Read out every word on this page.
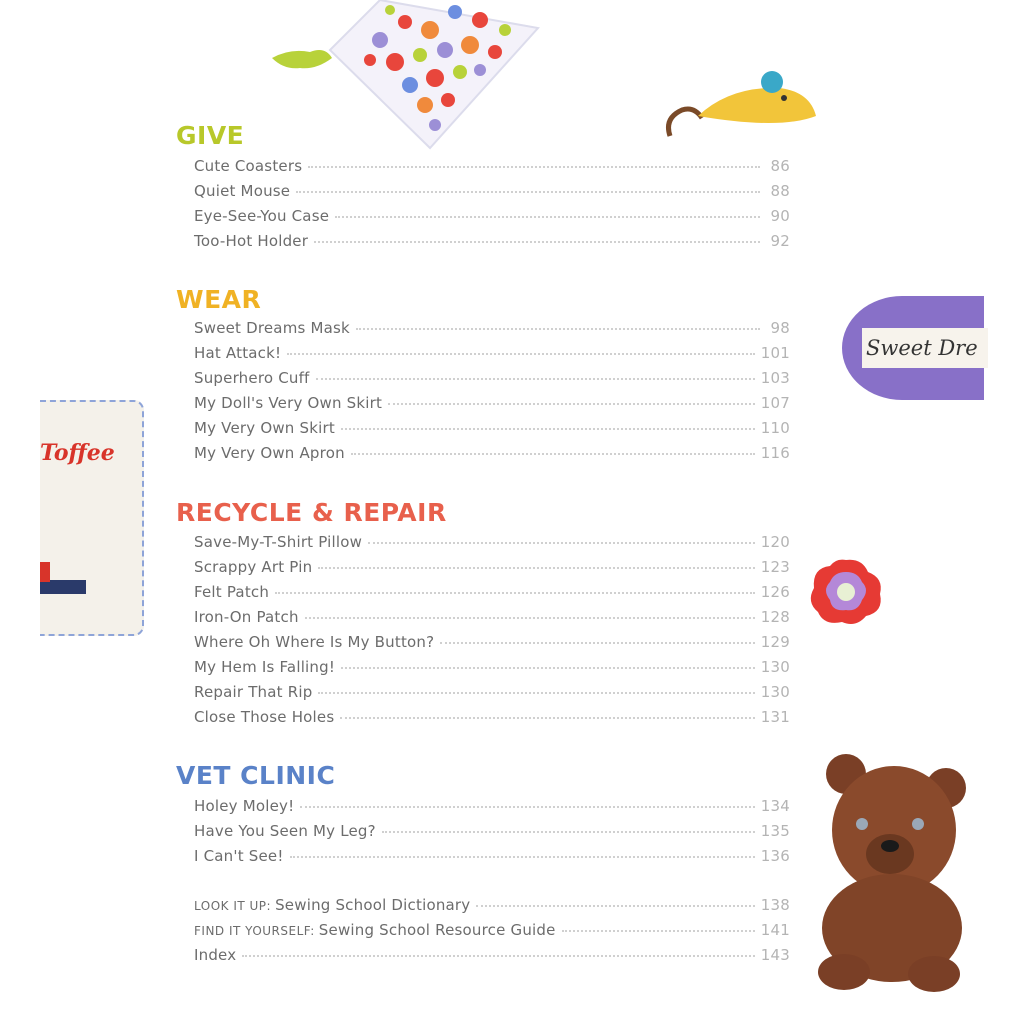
Sweet Dre
Toffee
GIVE
Cute Coasters	86
Quiet Mouse	88
Eye-See-You Case	90
Too-Hot Holder	92
WEAR
Sweet Dreams Mask	98
Hat Attack!	101
Superhero Cuff	103
My Doll's Very Own Skirt	107
My Very Own Skirt	110
My Very Own Apron	116
RECYCLE & REPAIR
Save-My-T-Shirt Pillow	120
Scrappy Art Pin	123
Felt Patch	126
Iron-On Patch	128
Where Oh Where Is My Button?	129
My Hem Is Falling!	130
Repair That Rip	130
Close Those Holes	131
VET CLINIC
Holey Moley!	134
Have You Seen My Leg?	135
I Can't See!	136
LOOK IT UP: Sewing School Dictionary	138
FIND IT YOURSELF: Sewing School Resource Guide	141
Index	143
